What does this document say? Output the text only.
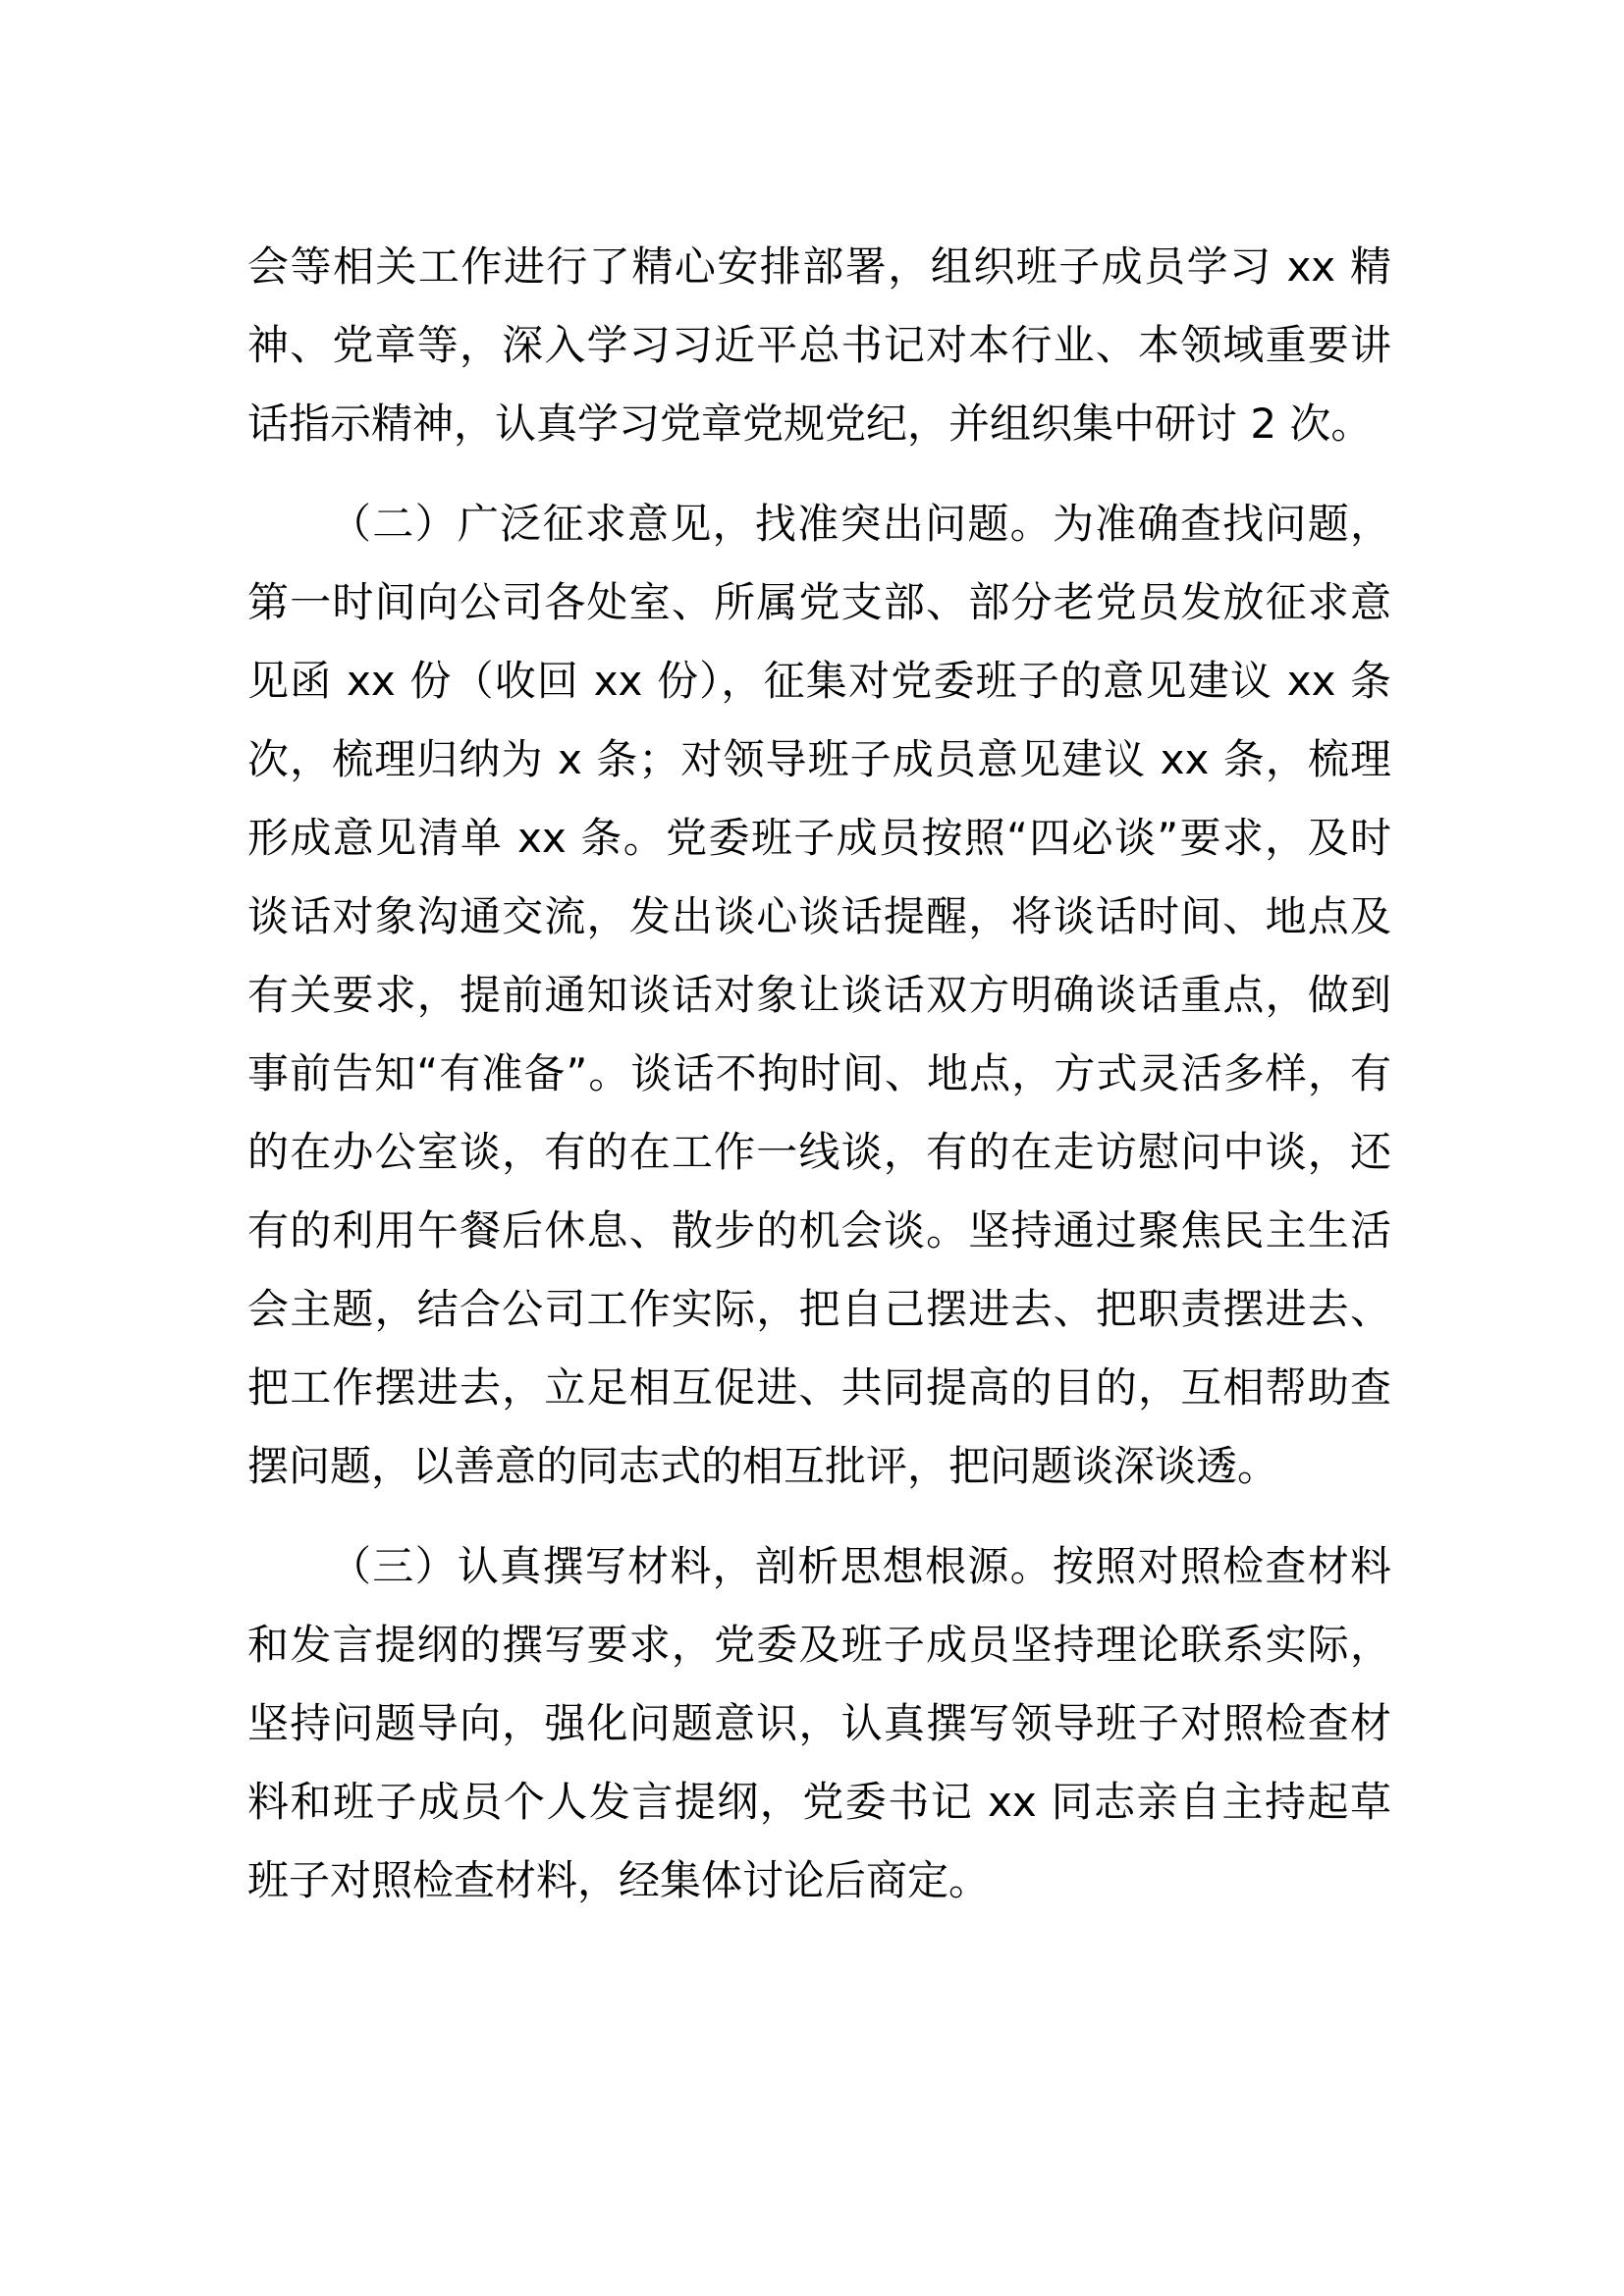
会等相关工作进行了精心安排部署，组织班子成员学习 xx 精神、党章等，深入学习习近平总书记对本行业、本领域重要讲话指示精神，认真学习党章党规党纪，并组织集中研讨 2 次。

（二）广泛征求意见，找准突出问题。为准确查找问题，第一时间向公司各处室、所属党支部、部分老党员发放征求意见函 xx 份（收回 xx 份），征集对党委班子的意见建议 xx 条次，梳理归纳为 x 条；对领导班子成员意见建议 xx 条，梳理形成意见清单 xx 条。党委班子成员按照“四必谈”要求，及时谈话对象沟通交流，发出谈心谈话提醒，将谈话时间、地点及有关要求，提前通知谈话对象让谈话双方明确谈话重点，做到事前告知“有准备”。谈话不拘时间、地点，方式灵活多样，有的在办公室谈，有的在工作一线谈，有的在走访慰问中谈，还有的利用午餐后休息、散步的机会谈。坚持通过聚焦民主生活会主题，结合公司工作实际，把自己摆进去、把职责摆进去、把工作摆进去，立足相互促进、共同提高的目的，互相帮助查摆问题，以善意的同志式的相互批评，把问题谈深谈透。

（三）认真撰写材料，剖析思想根源。按照对照检查材料和发言提纲的撰写要求，党委及班子成员坚持理论联系实际，坚持问题导向，强化问题意识，认真撰写领导班子对照检查材料和班子成员个人发言提纲，党委书记 xx 同志亲自主持起草班子对照检查材料，经集体讨论后商定。
